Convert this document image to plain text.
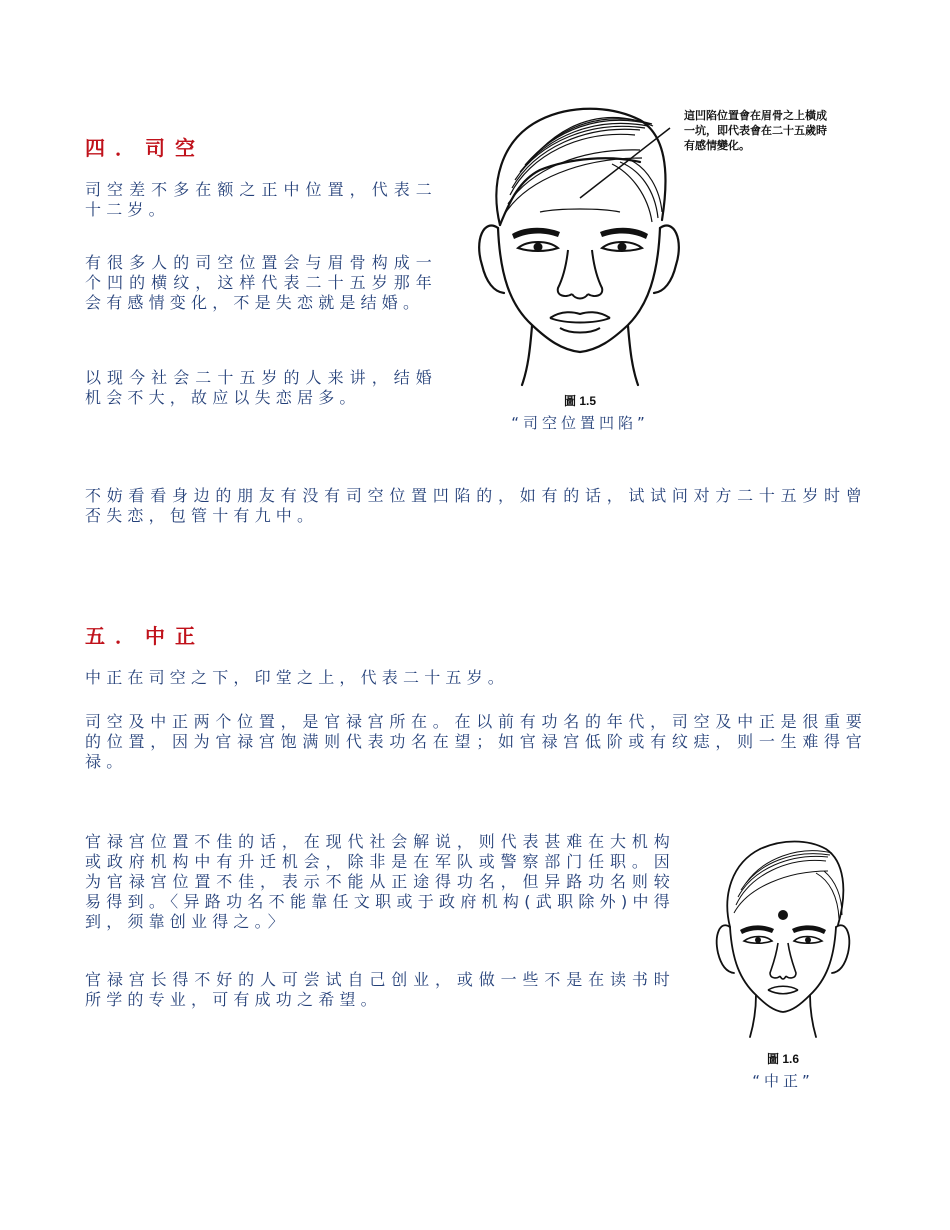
四．司空

司空差不多在额之正中位置，代表二十二岁。

有很多人的司空位置会与眉骨构成一个凹的横纹，这样代表二十五岁那年会有感情变化，不是失恋就是结婚。

以现今社会二十五岁的人来讲，结婚机会不大，故应以失恋居多。

這凹陷位置會在眉骨之上橫成一坑，即代表會在二十五歲時有感情變化。
圖 1.5
“司空位置凹陷”

不妨看看身边的朋友有没有司空位置凹陷的，如有的话，试试问对方二十五岁时曾否失恋，包管十有九中。

五．中正

中正在司空之下，印堂之上，代表二十五岁。

司空及中正两个位置，是官禄宫所在。在以前有功名的年代，司空及中正是很重要的位置，因为官禄宫饱满则代表功名在望；如官禄宫低阶或有纹痣，则一生难得官禄。

官禄宫位置不佳的话，在现代社会解说，则代表甚难在大机构或政府机构中有升迁机会，除非是在军队或警察部门任职。因为官禄宫位置不佳，表示不能从正途得功名，但异路功名则较易得到。〈异路功名不能靠任文职或于政府机构(武职除外)中得到，须靠创业得之。〉

官禄宫长得不好的人可尝试自己创业，或做一些不是在读书时所学的专业，可有成功之希望。

圖 1.6
“中正”
